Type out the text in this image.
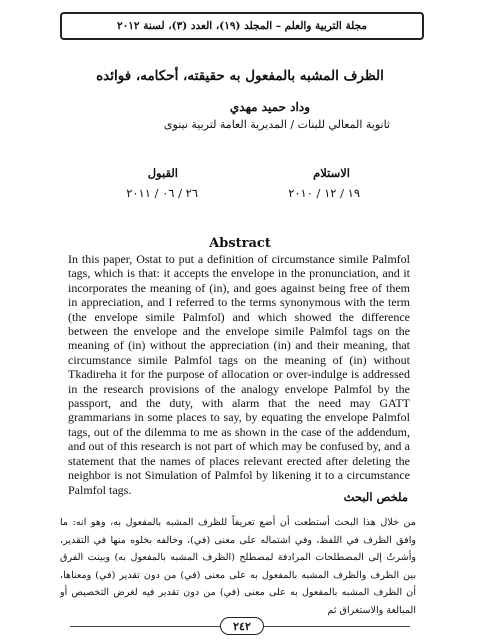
مجلة التربية والعلم – المجلد (١٩)، العدد (٣)، لسنة ٢٠١٢
الظرف المشبه بالمفعول به حقيقته، أحكامه، فوائده
وداد حميد مهدي
ثانوية المعالي للبنات / المديرية العامة لتربية نينوى
الاستلام
١٩ / ١٢ / ٢٠١٠
القبول
٢٦ / ٠٦ / ٢٠١١
Abstract
In this paper, Ostat to put a definition of circumstance simile Palmfol tags, which is that: it accepts the envelope in the pronunciation, and it incorporates the meaning of (in), and goes against being free of them in appreciation, and I referred to the terms synonymous with the term (the envelope simile Palmfol) and which showed the difference between the envelope and the envelope simile Palmfol tags on the meaning of (in) without the appreciation (in) and their meaning, that circumstance simile Palmfol tags on the meaning of (in) without Tkadireha it for the purpose of allocation or over-indulge is addressed in the research provisions of the analogy envelope Palmfol by the passport, and the duty, with alarm that the need may GATT grammarians in some places to say, by equating the envelope Palmfol tags, out of the dilemma to me as shown in the case of the addendum, and out of this research is not part of which may be confused by, and a statement that the names of places relevant erected after deleting the neighbor is not Simulation of Palmfol by likening it to a circumstance Palmfol tags.
ملخص البحث
من خلال هذا البحث أستطعت أن أضع تعريفاً للظرف المشبه بالمفعول به، وهو انه: ما وافق الظرف في اللفظ، وفي اشتماله على معنى (في)، وخالفه بخلوه منها في التقدير، وأشرتُ إلى المصطلحات المرادفة لمصطلح (الظرف المشبه بالمفعول به) وبينت الفرق بين الظرف والظرف المشبه بالمفعول به على معنى (في) من دون تقدير (في) ومعناها، أن الظرف المشبه بالمفعول به على معنى (في) من دون تقدير فيه لغرض التخصيص أو المبالغة والاستغراق ثم
٢٤٢
